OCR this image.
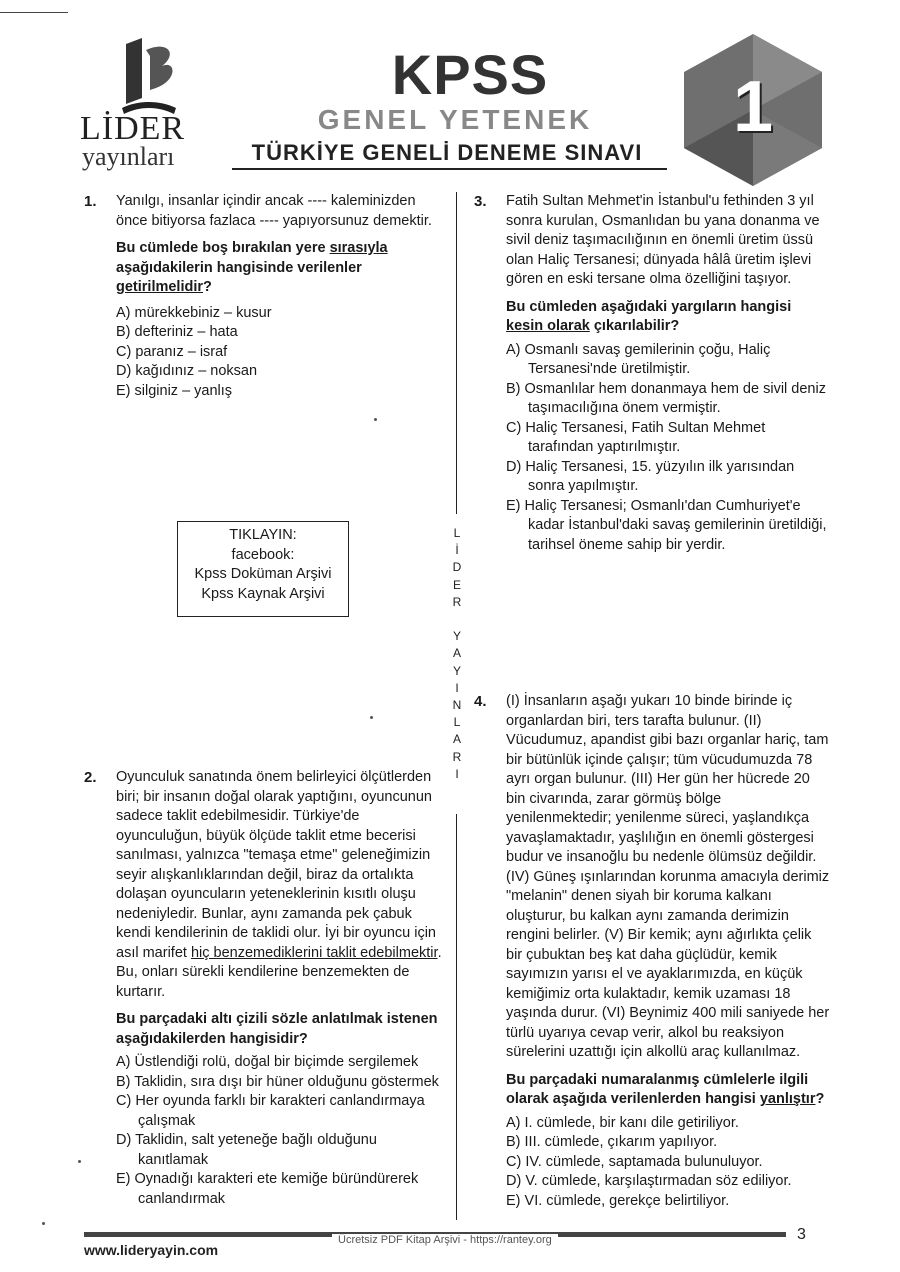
LİDER
yayınları
KPSS
GENEL YETENEK
TÜRKİYE GENELİ DENEME SINAVI
1
L
İ
D
E
R

Y
A
Y
I
N
L
A
R
I
1. Yanılgı, insanlar içindir ancak ---- kaleminizden önce bitiyorsa fazlaca ---- yapıyorsunuz demektir.

Bu cümlede boş bırakılan yere sırasıyla aşağıdakilerin hangisinde verilenler getirilmelidir?

A) mürekkebiniz – kusur

B) defteriniz – hata

C) paranız – israf

D) kağıdınız – noksan

E) silginiz – yanlış

TIKLAYIN:
facebook:
Kpss Doküman Arşivi
Kpss Kaynak Arşivi
2. Oyunculuk sanatında önem belirleyici ölçütlerden biri; bir insanın doğal olarak yaptığını, oyuncunun sadece taklit edebilmesidir. Türkiye'de oyunculuğun, büyük ölçüde taklit etme becerisi sanılması, yalnızca "temaşa etme" geleneğimizin seyir alışkanlıklarından değil, biraz da ortalıkta dolaşan oyuncuların yeteneklerinin kısıtlı oluşu nedeniyledir. Bunlar, aynı zamanda pek çabuk kendi kendilerinin de taklidi olur. İyi bir oyuncu için asıl marifet hiç benzemediklerini taklit edebilmektir. Bu, onları sürekli kendilerine benzemekten de kurtarır.

Bu parçadaki altı çizili sözle anlatılmak istenen aşağıdakilerden hangisidir?

A) Üstlendiği rolü, doğal bir biçimde sergilemek

B) Taklidin, sıra dışı bir hüner olduğunu göstermek

C) Her oyunda farklı bir karakteri canlandırmaya çalışmak

D) Taklidin, salt yeteneğe bağlı olduğunu kanıtlamak

E) Oynadığı karakteri ete kemiğe büründürerek canlandırmak

3. Fatih Sultan Mehmet'in İstanbul'u fethinden 3 yıl sonra kurulan, Osmanlıdan bu yana donanma ve sivil deniz taşımacılığının en önemli üretim üssü olan Haliç Tersanesi; dünyada hâlâ üretim işlevi gören en eski tersane olma özelliğini taşıyor.

Bu cümleden aşağıdaki yargıların hangisi kesin olarak çıkarılabilir?

A) Osmanlı savaş gemilerinin çoğu, Haliç Tersanesi'nde üretilmiştir.

B) Osmanlılar hem donanmaya hem de sivil deniz taşımacılığına önem vermiştir.

C) Haliç Tersanesi, Fatih Sultan Mehmet tarafından yaptırılmıştır.

D) Haliç Tersanesi, 15. yüzyılın ilk yarısından sonra yapılmıştır.

E) Haliç Tersanesi; Osmanlı'dan Cumhuriyet'e kadar İstanbul'daki savaş gemilerinin üretildiği, tarihsel öneme sahip bir yerdir.

4. (I) İnsanların aşağı yukarı 10 binde birinde iç organlardan biri, ters tarafta bulunur. (II) Vücudumuz, apandist gibi bazı organlar hariç, tam bir bütünlük içinde çalışır; tüm vücudumuzda 78 ayrı organ bulunur. (III) Her gün her hücrede 20 bin civarında, zarar görmüş bölge yenilenmektedir; yenilenme süreci, yaşlandıkça yavaşlamaktadır, yaşlılığın en önemli göstergesi budur ve insanoğlu bu nedenle ölümsüz değildir. (IV) Güneş ışınlarından korunma amacıyla derimiz "melanin" denen siyah bir koruma kalkanı oluşturur, bu kalkan aynı zamanda derimizin rengini belirler. (V) Bir kemik; aynı ağırlıkta çelik bir çubuktan beş kat daha güçlüdür, kemik sayımızın yarısı el ve ayaklarımızda, en küçük kemiğimiz orta kulaktadır, kemik uzaması 18 yaşında durur. (VI) Beynimiz 400 mili saniyede her türlü uyarıya cevap verir, alkol bu reaksiyon sürelerini uzattığı için alkollü araç kullanılmaz.

Bu parçadaki numaralanmış cümlelerle ilgili olarak aşağıda verilenlerden hangisi yanlıştır?

A) I. cümlede, bir kanı dile getiriliyor.

B) III. cümlede, çıkarım yapılıyor.

C) IV. cümlede, saptamada bulunuluyor.

D) V. cümlede, karşılaştırmadan söz ediliyor.

E) VI. cümlede, gerekçe belirtiliyor.

Ücretsiz PDF Kitap Arşivi - https://rantey.org
www.lideryayin.com
3
